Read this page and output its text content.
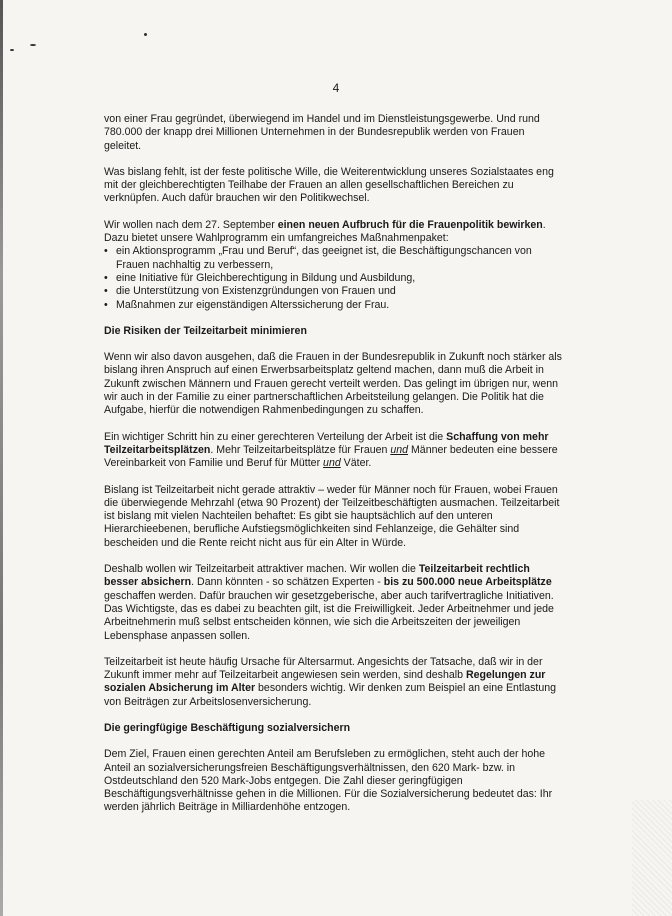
4

von einer Frau gegründet, überwiegend im Handel und im Dienstleistungsgewerbe. Und rund 780.000 der knapp drei Millionen Unternehmen in der Bundesrepublik werden von Frauen geleitet.

Was bislang fehlt, ist der feste politische Wille, die Weiterentwicklung unseres Sozialstaates eng mit der gleichberechtigten Teilhabe der Frauen an allen gesellschaftlichen Bereichen zu verknüpfen. Auch dafür brauchen wir den Politikwechsel.

Wir wollen nach dem 27. September einen neuen Aufbruch für die Frauenpolitik bewirken. Dazu bietet unsere Wahlprogramm ein umfangreiches Maßnahmenpaket:

• ein Aktionsprogramm „Frau und Beruf“, das geeignet ist, die Beschäftigungschancen von Frauen nachhaltig zu verbessern,
• eine Initiative für Gleichberechtigung in Bildung und Ausbildung,
• die Unterstützung von Existenzgründungen von Frauen und
• Maßnahmen zur eigenständigen Alterssicherung der Frau.
Die Risiken der Teilzeitarbeit minimieren

Wenn wir also davon ausgehen, daß die Frauen in der Bundesrepublik in Zukunft noch stärker als bislang ihren Anspruch auf einen Erwerbsarbeitsplatz geltend machen, dann muß die Arbeit in Zukunft zwischen Männern und Frauen gerecht verteilt werden. Das gelingt im übrigen nur, wenn wir auch in der Familie zu einer partnerschaftlichen Arbeitsteilung gelangen. Die Politik hat die Aufgabe, hierfür die notwendigen Rahmenbedingungen zu schaffen.

Ein wichtiger Schritt hin zu einer gerechteren Verteilung der Arbeit ist die Schaffung von mehr Teilzeitarbeitsplätzen. Mehr Teilzeitarbeitsplätze für Frauen und Männer bedeuten eine bessere Vereinbarkeit von Familie und Beruf für Mütter und Väter.

Bislang ist Teilzeitarbeit nicht gerade attraktiv – weder für Männer noch für Frauen, wobei Frauen die überwiegende Mehrzahl (etwa 90 Prozent) der Teilzeitbeschäftigten ausmachen. Teilzeitarbeit ist bislang mit vielen Nachteilen behaftet: Es gibt sie hauptsächlich auf den unteren Hierarchieebenen, berufliche Aufstiegsmöglichkeiten sind Fehlanzeige, die Gehälter sind bescheiden und die Rente reicht nicht aus für ein Alter in Würde.

Deshalb wollen wir Teilzeitarbeit attraktiver machen. Wir wollen die Teilzeitarbeit rechtlich besser absichern. Dann könnten - so schätzen Experten - bis zu 500.000 neue Arbeitsplätze geschaffen werden. Dafür brauchen wir gesetzgeberische, aber auch tarifvertragliche Initiativen. Das Wichtigste, das es dabei zu beachten gilt, ist die Freiwilligkeit. Jeder Arbeitnehmer und jede Arbeitnehmerin muß selbst entscheiden können, wie sich die Arbeitszeiten der jeweiligen Lebensphase anpassen sollen.

Teilzeitarbeit ist heute häufig Ursache für Altersarmut. Angesichts der Tatsache, daß wir in der Zukunft immer mehr auf Teilzeitarbeit angewiesen sein werden, sind deshalb Regelungen zur sozialen Absicherung im Alter besonders wichtig. Wir denken zum Beispiel an eine Entlastung von Beiträgen zur Arbeitslosenversicherung.

Die geringfügige Beschäftigung sozialversichern

Dem Ziel, Frauen einen gerechten Anteil am Berufsleben zu ermöglichen, steht auch der hohe Anteil an sozialversicherungsfreien Beschäftigungsverhältnissen, den 620 Mark- bzw. in Ostdeutschland den 520 Mark-Jobs entgegen. Die Zahl dieser geringfügigen Beschäftigungsverhältnisse gehen in die Millionen. Für die Sozialversicherung bedeutet das: Ihr werden jährlich Beiträge in Milliardenhöhe entzogen.
